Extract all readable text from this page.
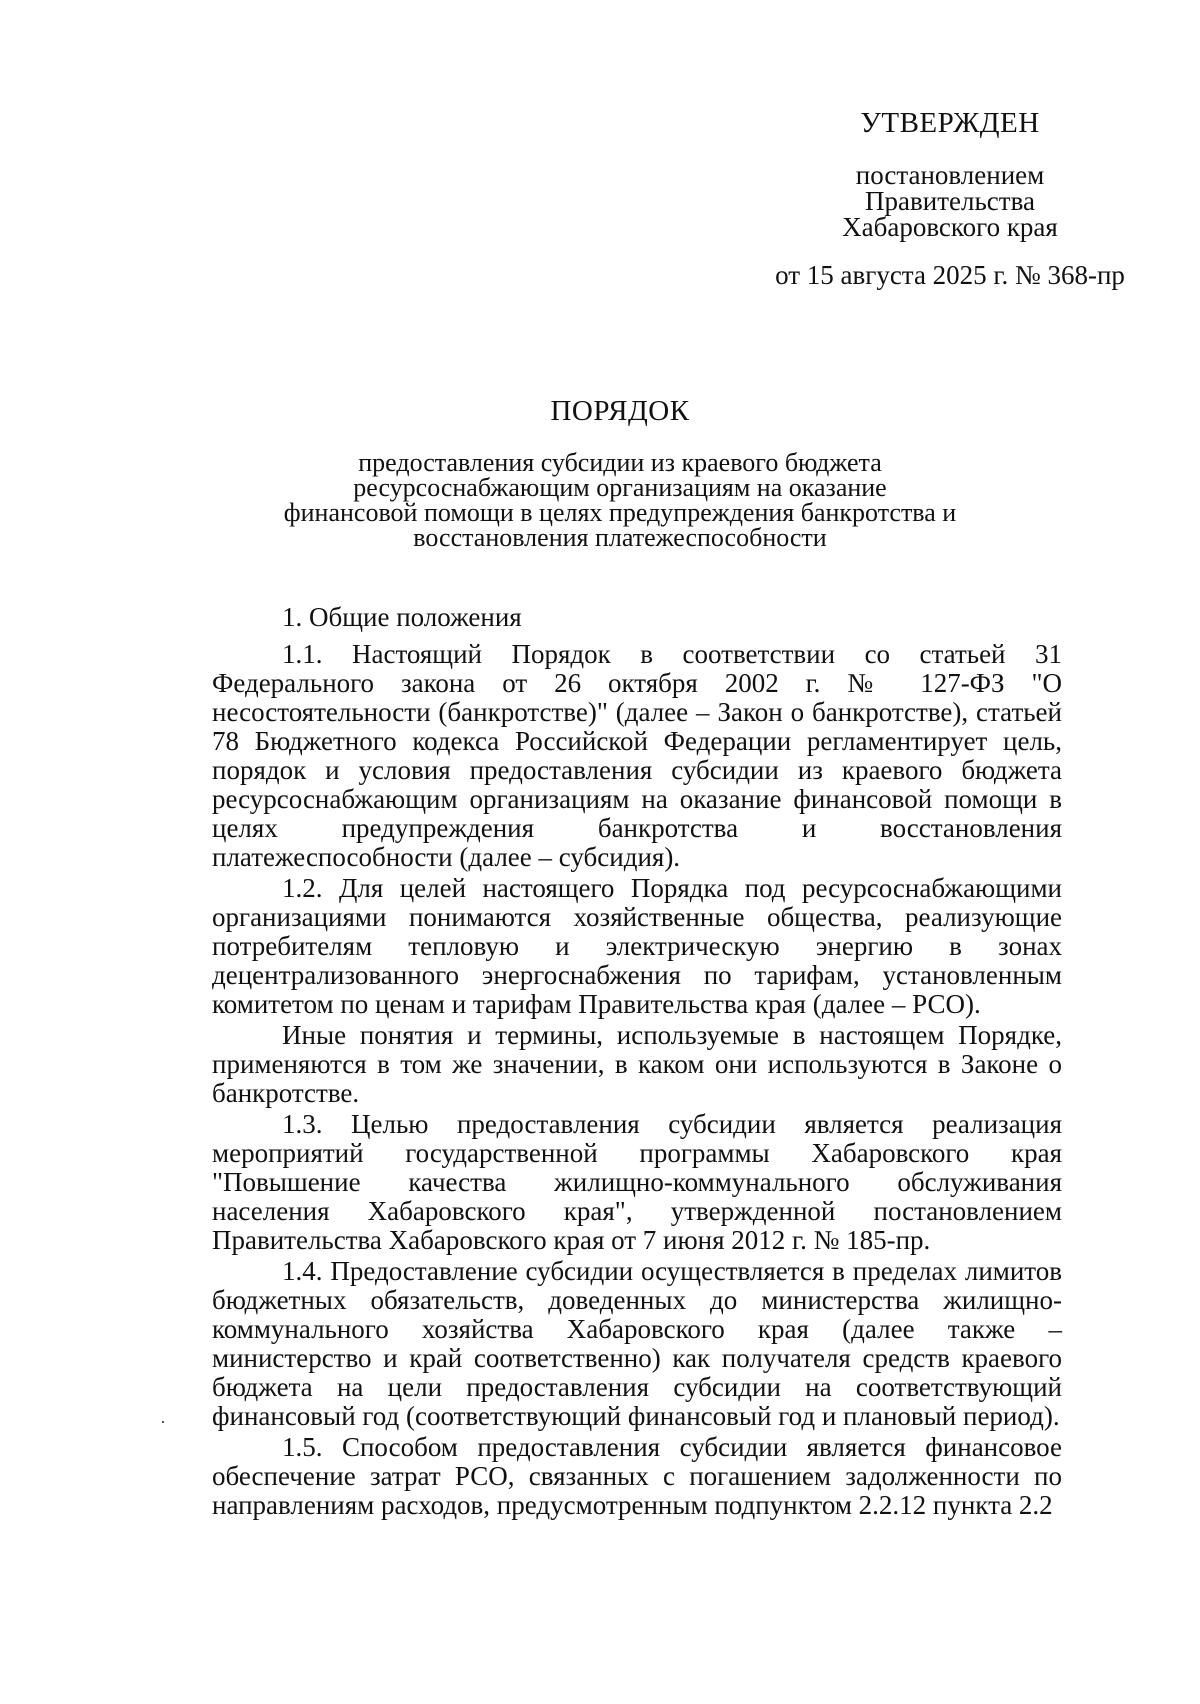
УТВЕРЖДЕН
постановлением
Правительства
Хабаровского края
от 15 августа 2025 г. № 368-пр
ПОРЯДОК
предоставления субсидии из краевого бюджета
ресурсоснабжающим организациям на оказание
финансовой помощи в целях предупреждения банкротства и
восстановления платежеспособности

1. Общие положения

1.1. Настоящий Порядок в соответствии со статьей 31 Федерального закона от 26 октября 2002 г. № 127-ФЗ "О несостоятельности (банкротстве)" (далее – Закон о банкротстве), статьей 78 Бюджетного кодекса Российской Федерации регламентирует цель, порядок и условия предоставления субсидии из краевого бюджета ресурсоснабжающим организациям на оказание финансовой помощи в целях предупреждения банкротства и восстановления платежеспособности (далее – субсидия).

1.2. Для целей настоящего Порядка под ресурсоснабжающими организациями понимаются хозяйственные общества, реализующие потребителям тепловую и электрическую энергию в зонах децентрализованного энергоснабжения по тарифам, установленным комитетом по ценам и тарифам Правительства края (далее – РСО).

Иные понятия и термины, используемые в настоящем Порядке, применяются в том же значении, в каком они используются в Законе о банкротстве.

1.3. Целью предоставления субсидии является реализация мероприятий государственной программы Хабаровского края "Повышение качества жилищно-коммунального обслуживания населения Хабаровского края", утвержденной постановлением Правительства Хабаровского края от 7 июня 2012 г. № 185-пр.

1.4. Предоставление субсидии осуществляется в пределах лимитов бюджетных обязательств, доведенных до министерства жилищно-коммунального хозяйства Хабаровского края (далее также – министерство и край соответственно) как получателя средств краевого бюджета на цели предоставления субсидии на соответствующий финансовый год (соответствующий финансовый год и плановый период).

1.5. Способом предоставления субсидии является финансовое обеспечение затрат РСО, связанных с погашением задолженности по направлениям расходов, предусмотренным подпунктом 2.2.12 пункта 2.2
